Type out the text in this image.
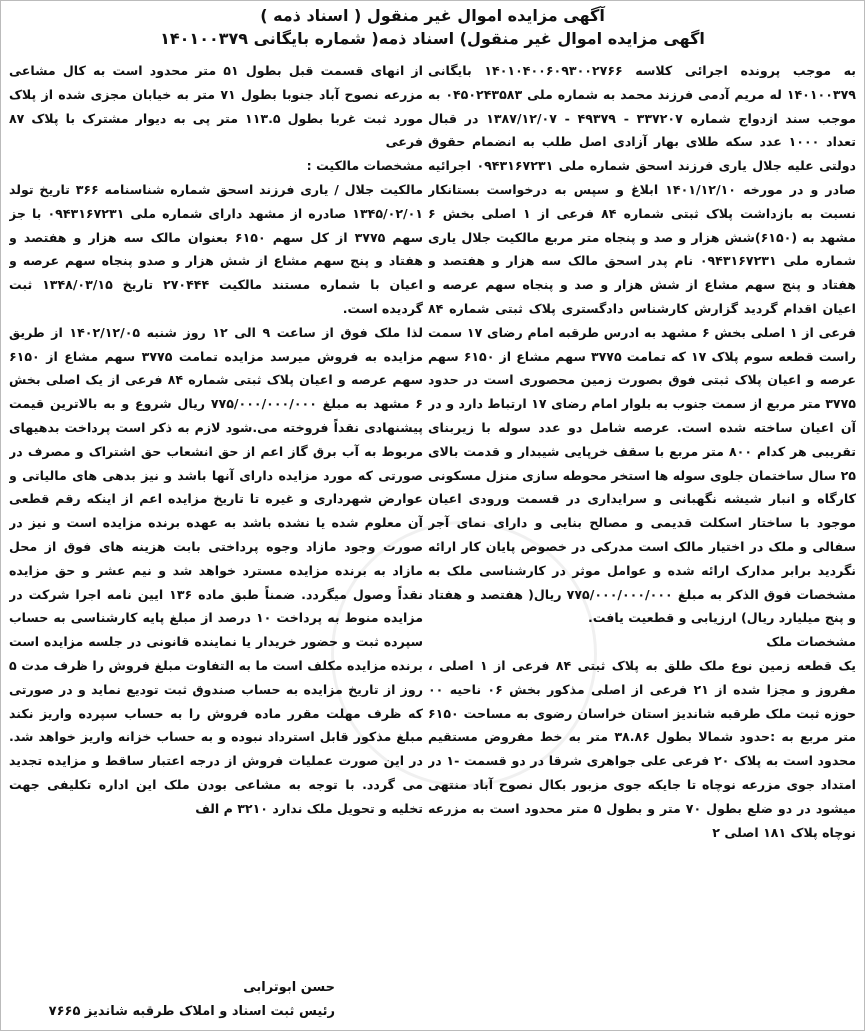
آگهی مزایده اموال غیر منقول ( اسناد ذمه )
اگهی مزایده اموال غیر منقول) اسناد ذمه( شماره بایگانی ۱۴۰۱۰۰۳۷۹

به موجب پرونده اجرائی کلاسه ۱۴۰۱۰۴۰۰۶۰۹۳۰۰۲۷۶۶ بایگانی ۱۴۰۱۰۰۳۷۹ له مریم آدمی فرزند محمد به شماره ملی ۰۴۵۰۲۴۳۵۸۳ به موجب سند ازدواج شماره ۳۳۷۲۰۷ - ۴۹۳۷۹ - ۱۳۸۷/۱۲/۰۷ در قبال تعداد ۱۰۰۰ عدد سکه طلای بهار آزادی اصل طلب به انضمام حقوق دولتی علیه جلال یاری فرزند اسحق شماره ملی ۰۹۴۳۱۶۷۲۳۱ اجرائیه صادر و در مورخه ۱۴۰۱/۱۲/۱۰ ابلاغ و سپس به درخواست بستانکار نسبت به بازداشت پلاک ثبتی شماره ۸۴ فرعی از ۱ اصلی بخش ۶ مشهد به (۶۱۵۰)شش هزار و صد و پنجاه متر مربع مالکیت جلال یاری شماره ملی ۰۹۴۳۱۶۷۲۳۱ نام پدر اسحق مالک سه هزار و هفتصد و هفتاد و پنج سهم مشاع از شش هزار و صد و پنجاه سهم عرصه و اعیان اقدام گردید گزارش کارشناس دادگستری پلاک ثبتی شماره ۸۴ فرعی از ۱ اصلی بخش ۶ مشهد به ادرس طرقبه امام رضای ۱۷ سمت راست قطعه سوم پلاک ۱۷ که تمامت ۳۷۷۵ سهم مشاع از ۶۱۵۰ سهم عرصه و اعیان پلاک ثبتی فوق بصورت زمین محصوری است در حدود ۳۷۷۵ متر مربع از سمت جنوب به بلوار امام رضای ۱۷ ارتباط دارد و در آن اعیان ساخته شده است. عرصه شامل دو عدد سوله با زیربنای تقریبی هر کدام ۸۰۰ متر مربع با سقف خرپایی شیبدار و قدمت بالای ۲۵ سال ساختمان جلوی سوله ها استخر محوطه سازی منزل مسکونی کارگاه و انبار شیشه نگهبانی و سرایداری در قسمت ورودی اعیان موجود با ساختار اسکلت قدیمی و مصالح بنایی و دارای نمای آجر سفالی و ملک در اختیار مالک است مدرکی در خصوص پایان کار ارائه نگردید برابر مدارک ارائه شده و عوامل موثر در کارشناسی ملک به مشخصات فوق الذکر به مبلغ ۷۷۵/۰۰۰/۰۰۰/۰۰۰ ریال( هفتصد و هفتاد و پنج میلیارد ریال) ارزیابی و قطعیت یافت.

مشخصات ملک

یک قطعه زمین نوع ملک طلق به پلاک ثبتی ۸۴ فرعی از ۱ اصلی ، مفروز و مجزا شده از ۲۱ فرعی از اصلی مذکور بخش ۰۶ ناحیه ۰۰ حوزه ثبت ملک طرقبه شاندیز استان خراسان رضوی به مساحت ۶۱۵۰ متر مربع به :حدود شمالا بطول ۳۸.۸۶ متر به خط مفروض مستقیم محدود است به پلاک ۲۰ فرعی علی جواهری شرقا در دو قسمت -۱ در امتداد جوی مزرعه نوچاه تا جایکه جوی مزبور بکال نصوح آباد منتهی میشود در دو ضلع بطول ۷۰ متر و بطول ۵ متر محدود است به مزرعه نوچاه پلاک ۱۸۱ اصلی ۲

از انهای قسمت قبل بطول ۵۱ متر محدود است به کال مشاعی مزرعه نصوح آباد جنوبا بطول ۷۱ متر به خیابان مجزی شده از پلاک مورد ثبت غربا بطول ۱۱۳.۵ متر پی به دیوار مشترک با پلاک ۸۷ فرعی

مشخصات مالکیت :

مالکیت جلال / یاری فرزند اسحق شماره شناسنامه ۳۶۶ تاریخ تولد ۱۳۴۵/۰۲/۰۱ صادره از مشهد دارای شماره ملی ۰۹۴۳۱۶۷۲۳۱ با جز سهم ۳۷۷۵ از کل سهم ۶۱۵۰ بعنوان مالک سه هزار و هفتصد و هفتاد و پنج سهم مشاع از شش هزار و صدو پنجاه سهم عرصه و اعیان با شماره مستند مالکیت ۲۷۰۴۴۴ تاریخ ۱۳۴۸/۰۳/۱۵ ثبت گردیده است.

لذا ملک فوق از ساعت ۹ الی ۱۲ روز شنبه ۱۴۰۲/۱۲/۰۵ از طریق مزایده به فروش میرسد مزایده تمامت ۳۷۷۵ سهم مشاع از ۶۱۵۰ سهم عرصه و اعیان پلاک ثبتی شماره ۸۴ فرعی از یک اصلی بخش ۶ مشهد به مبلغ ۷۷۵/۰۰۰/۰۰۰/۰۰۰ ریال شروع و به بالاترین قیمت پیشنهادی نقداً فروخته می.شود لازم به ذکر است پرداخت بدهیهای مربوط به آب برق گاز اعم از حق انشعاب حق اشتراک و مصرف در صورتی که مورد مزایده دارای آنها باشد و نیز بدهی های مالیاتی و عوارض شهرداری و غیره تا تاریخ مزایده اعم از اینکه رقم قطعی آن معلوم شده یا نشده باشد به عهده برنده مزایده است و نیز در صورت وجود مازاد وجوه پرداختی بابت هزینه های فوق از محل مازاد به برنده مزایده مسترد خواهد شد و نیم عشر و حق مزایده نقداً وصول میگردد. ضمناً طبق ماده ۱۳۶ ایین نامه اجرا شرکت در مزایده منوط به پرداخت ۱۰ درصد از مبلغ پایه کارشناسی به حساب سپرده ثبت و حضور خریدار یا نماینده قانونی در جلسه مزایده است برنده مزایده مکلف است ما به التفاوت مبلغ فروش را ظرف مدت ۵ روز از تاریخ مزایده به حساب صندوق ثبت توديع نمايد و در صورتی که ظرف مهلت مقرر ماده فروش را به حساب سپرده واریز نکند مبلغ مذکور قابل استرداد نبوده و به حساب خزانه واریز خواهد شد. در این صورت عملیات فروش از درجه اعتبار ساقط و مزایده تجدید می گردد. با توجه به مشاعی بودن ملک این اداره تکلیفی جهت تخلیه و تحویل ملک ندارد ۳۲۱۰ م الف

حسن ابوترابی
رئیس ثبت اسناد و املاک طرقبه شاندیز ۷۶۶۵
